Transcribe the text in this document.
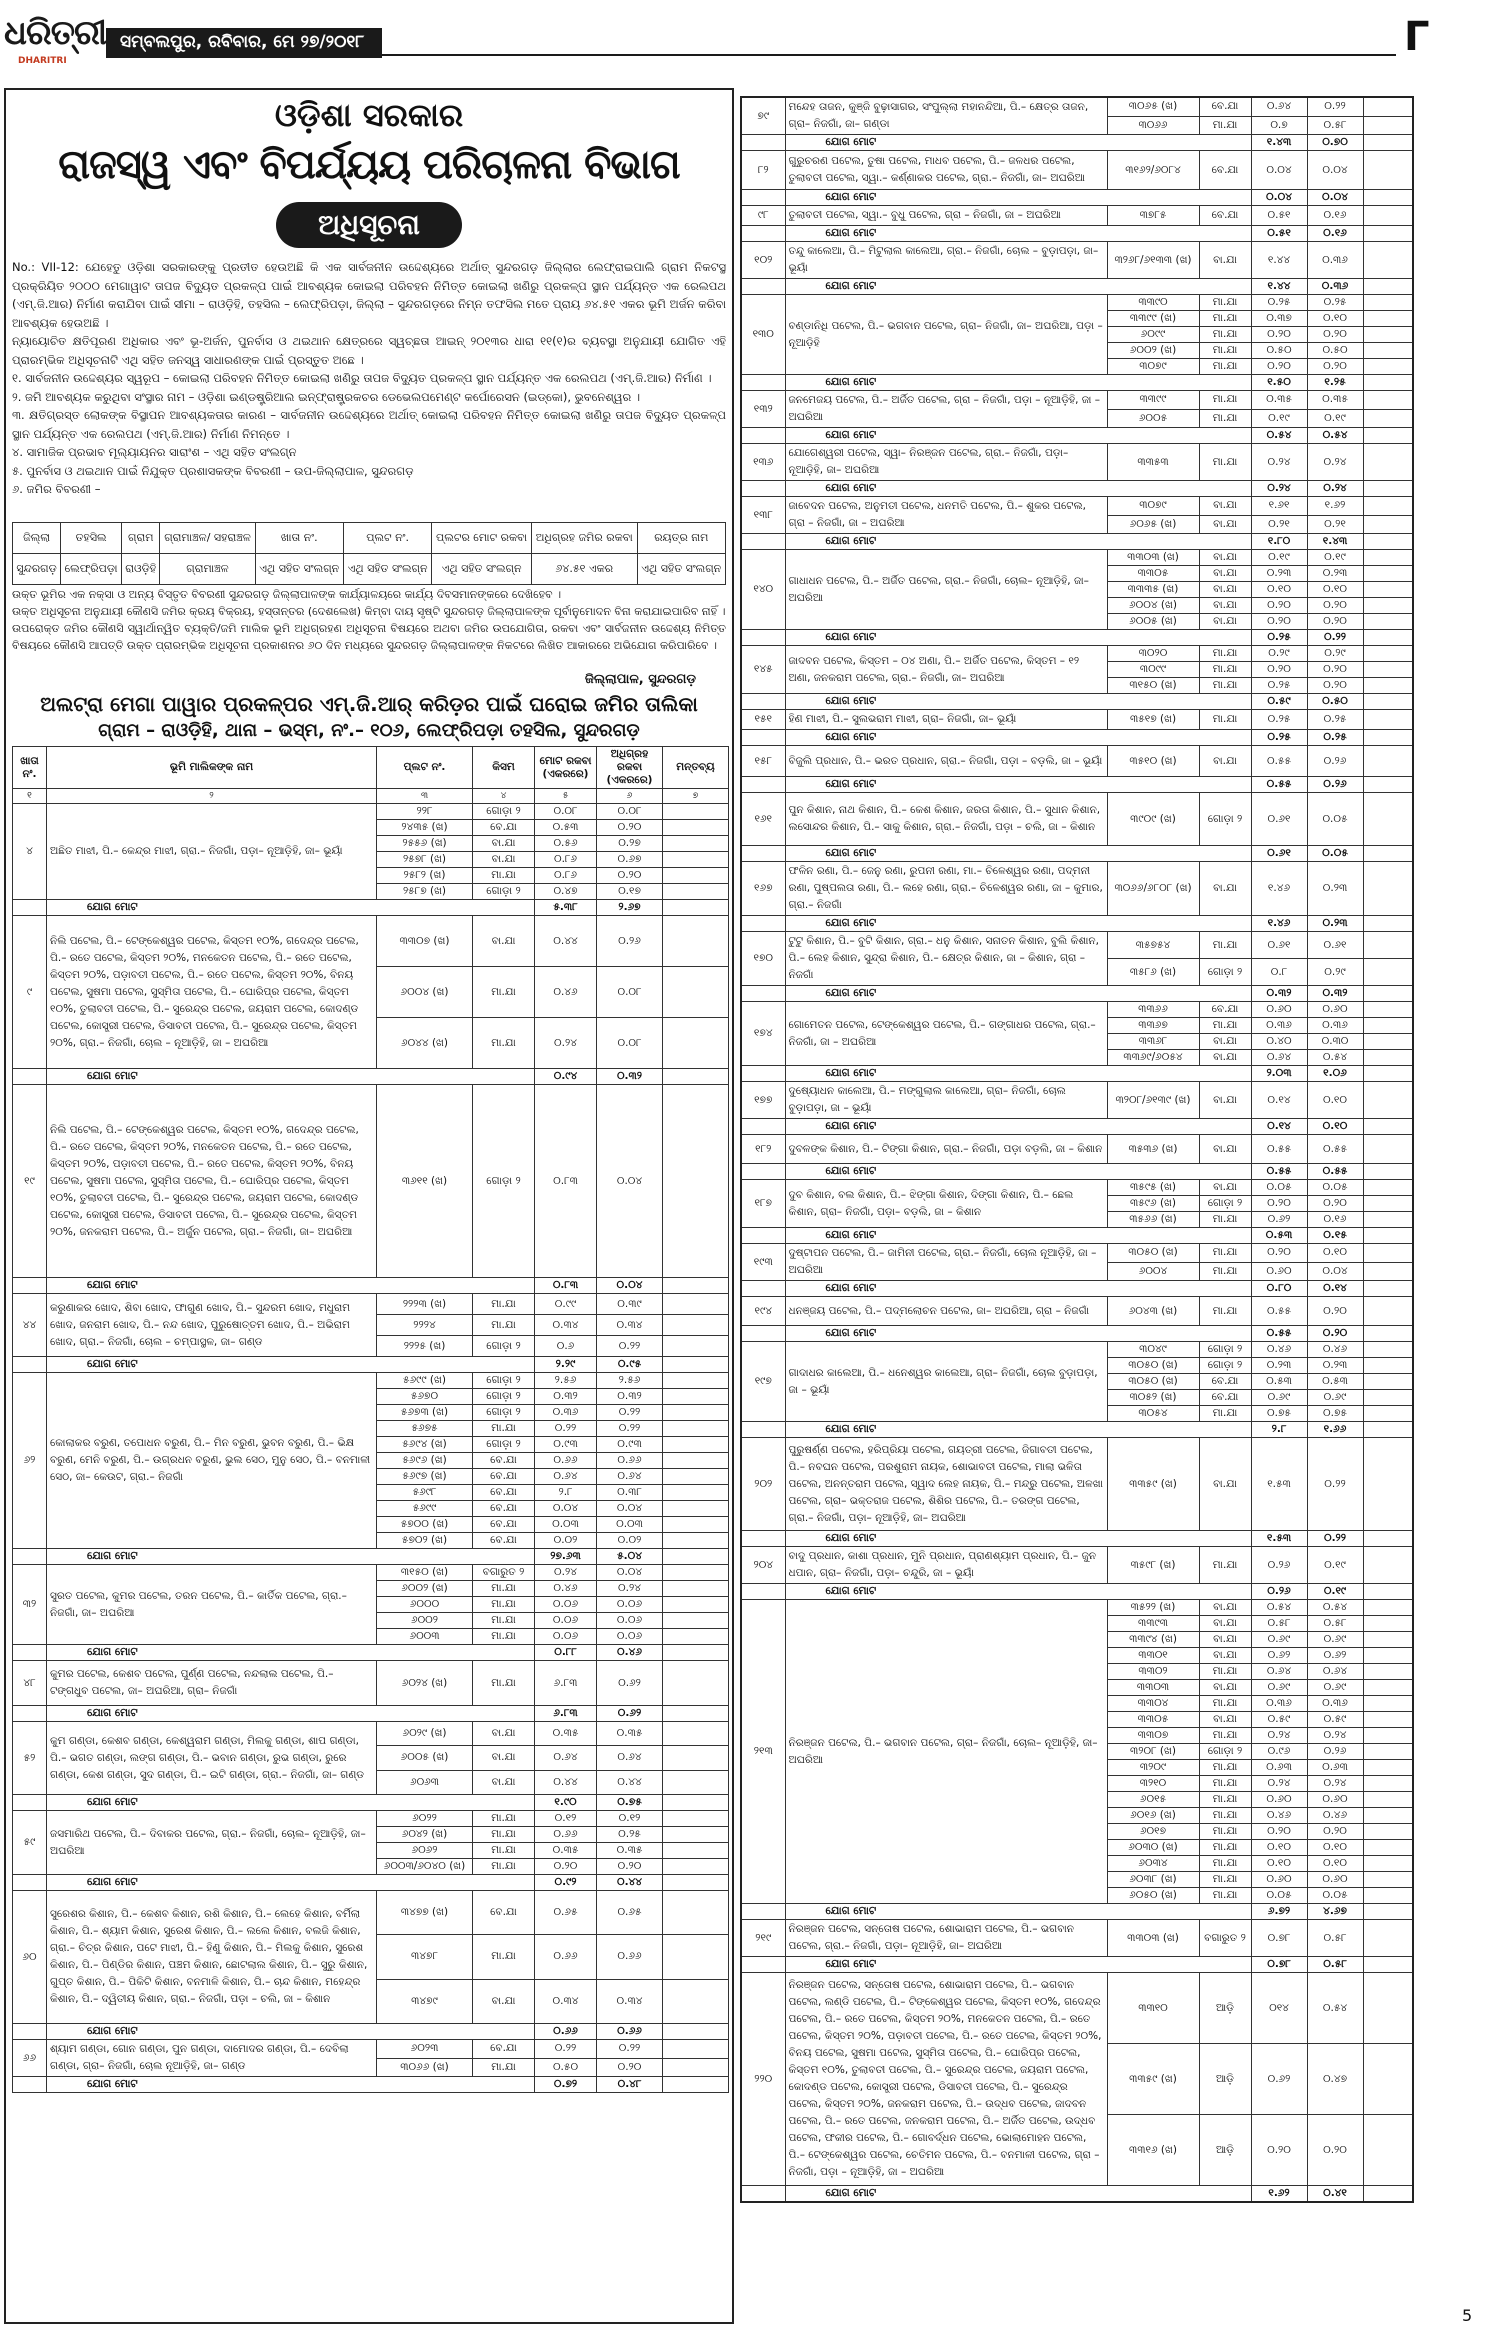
ଧରିତ୍ରୀ
DHARITRI
ସମ୍ବଲପୁର, ରବିବାର, ମେ ୨୭/୨୦୧୮	Г
ଓଡ଼ିଶା ସରକାର
ରାଜସ୍ୱ ଏବଂ ବିପର୍ଯ୍ୟୟ ପରିଚାଳନା ବିଭାଗ
ଅଧିସୂଚନା

No.: VII-12: ଯେହେତୁ ଓଡ଼ିଶା ସରକାରଙ୍କୁ ପ୍ରତୀତ ହେଉଅଛି କି ଏକ ସାର୍ବଜନୀନ ଉଦ୍ଦେଶ୍ୟରେ ଅର୍ଥାତ୍ ସୁନ୍ଦରଗଡ଼ ଜିଲ୍ଲାର ଲେଫ୍ରାଇପାଲି ଗ୍ରାମ ନିକଟସ୍ଥ ପ୍ରକ୍ରିୟିତ ୨୦୦୦ ମେଗାୱାଟ ତାପଜ ବିଦ୍ୟୁତ ପ୍ରକଳ୍ପ ପାଇଁ ଆବଶ୍ୟକ କୋଇଲା ପରିବହନ ନିମିତ୍ତ କୋଇଲା ଖଣିରୁ ପ୍ରକଳ୍ପ ସ୍ଥାନ ପର୍ଯ୍ୟନ୍ତ ଏକ ରେଲପଥ (ଏମ୍.ଜି.ଆର) ନିର୍ମାଣ କରାଯିବା ପାଇଁ ସୀମା – ରାଓଡ଼ିହି, ତହସିଲ – ଲେଫ୍ରିପଡ଼ା, ଜିଲ୍ଲା – ସୁନ୍ଦରଗଡ଼ରେ ନିମ୍ନ ତଫସିଲ ମତେ ପ୍ରାୟ ୬୪.୫୧ ଏକର ଭୂମି ଅର୍ଜନ କରିବା ଆବଶ୍ୟକ ହେଉଅଛି ।

ନ୍ୟାୟୋଚିତ କ୍ଷତିପୂରଣ ଅଧିକାର ଏବଂ ଭୂ-ଅର୍ଜନ, ପୁନର୍ବାସ ଓ ଥଇଥାନ କ୍ଷେତ୍ରରେ ସ୍ୱଚ୍ଛତା ଆଇନ୍ ୨୦୧୩ର ଧାରା ୧୧(୧)ର ବ୍ୟବସ୍ଥା ଅନୁଯାୟୀ ଯୋଗିତ ଏହି ପ୍ରାରମ୍ଭିକ ଅଧିସୂଚନାଟି ଏଥି ସହିତ ଜନସ୍ୱ ସାଧାରଣଙ୍କ ପାଇଁ ପ୍ରସ୍ତୁତ ଅଛେ ।

୧. ସାର୍ବଜନୀନ ଉଦ୍ଦେଶ୍ୟର ସ୍ୱରୂପ – କୋଇଲା ପରିବହନ ନିମିତ୍ତ କୋଇଲା ଖଣିରୁ ତାପଜ ବିଦ୍ୟୁତ ପ୍ରକଳ୍ପ ସ୍ଥାନ ପର୍ଯ୍ୟନ୍ତ ଏକ ରେଲପଥ (ଏମ୍.ଜି.ଆର) ନିର୍ମାଣ ।

୨. ଜମି ଆବଶ୍ୟକ କରୁଥିବା ସଂସ୍ଥାର ନାମ – ଓଡ଼ିଶା ଇଣ୍ଡଷ୍ଟ୍ରିଆଲ ଇନ୍‌ଫ୍ରାଷ୍ଟ୍ରକଚର ଡେଭେଲପମେଣ୍ଟ କର୍ପୋରେସନ (ଇଡ୍‌କୋ), ଭୁବନେଶ୍ୱର ।

୩. କ୍ଷତିଗ୍ରସ୍ତ ଲୋକଙ୍କ ବିସ୍ଥାପନ ଆବଶ୍ୟକତାର କାରଣ – ସାର୍ବଜନୀନ ଉଦ୍ଦେଶ୍ୟରେ ଅର୍ଥାତ୍ କୋଇଲା ପରିବହନ ନିମିତ୍ତ କୋଇଲା ଖଣିରୁ ତାପଜ ବିଦ୍ୟୁତ ପ୍ରକଳ୍ପ ସ୍ଥାନ ପର୍ଯ୍ୟନ୍ତ ଏକ ରେଲପଥ (ଏମ୍.ଜି.ଆର) ନିର୍ମାଣ ନିମନ୍ତେ ।

୪. ସାମାଜିକ ପ୍ରଭାବ ମୂଲ୍ୟାୟନର ସାରାଂଶ – ଏଥି ସହିତ ସଂଲଗ୍ନ

୫. ପୁନର୍ବାସ ଓ ଥଇଥାନ ପାଇଁ ନିଯୁକ୍ତ ପ୍ରଶାସକଙ୍କ ବିବରଣୀ – ଉପ-ଜିଲ୍ଲାପାଳ, ସୁନ୍ଦରଗଡ଼

୬. ଜମିର ବିବରଣୀ –

ଜିଲ୍ଲା	ତହସିଲ	ଗ୍ରାମ	ଗ୍ରାମାଞ୍ଚଳ/ ସହରାଞ୍ଚଳ	ଖାତା ନଂ.	ପ୍ଲଟ ନଂ.	ପ୍ଲଟର ମୋଟ ରକବା	ଅଧିଗ୍ରହ ଜମିର ରକବା	ରୟତ୍‌ର ନାମ
ସୁନ୍ଦରଗଡ଼	ଲେଫ୍ରିପଡ଼ା	ରାଓଡ଼ିହି	ଗ୍ରାମାଞ୍ଚଳ	ଏଥି ସହିତ ସଂଲଗ୍ନ	ଏଥି ସହିତ ସଂଲଗ୍ନ	ଏଥି ସହିତ ସଂଲଗ୍ନ	୬୪.୫୧ ଏକର	ଏଥି ସହିତ ସଂଲଗ୍ନ

ଉକ୍ତ ଭୂମିର ଏକ ନକ୍ସା ଓ ଅନ୍ୟ ବିସ୍ତୃତ ବିବରଣୀ ସୁନ୍ଦରଗଡ଼ ଜିଲ୍ଲାପାଳଙ୍କ କାର୍ଯ୍ୟାଳୟରେ କାର୍ଯ୍ୟ ଦିବସମାନଙ୍କରେ ଦେଖିହେବ ।

ଉକ୍ତ ଅଧିସୂଚନା ଅନୁଯାୟୀ କୌଣସି ଜମିର କ୍ରୟ ବିକ୍ରୟ, ହସ୍ତାନ୍ତର (ଦେଶଲେଖ) କିମ୍ବା ଦାୟ ସୃଷ୍ଟି ସୁନ୍ଦରଗଡ଼ ଜିଲ୍ଲାପାଳଙ୍କ ପୂର୍ବାନୁମୋଦନ ବିନା କରାଯାଇପାରିବ ନାହିଁ ।

ଉପରୋକ୍ତ ଜମିର କୌଣସି ସ୍ୱାର୍ଥାନ୍ୱିତ ବ୍ୟକ୍ତି/ଜମି ମାଲିକ ଭୂମି ଅଧିଗ୍ରହଣ ଅଧିସୂଚନା ବିଷୟରେ ଅଥବା ଜମିର ଉପଯୋଗିତା, ରକବା ଏବଂ ସାର୍ବଜନୀନ ଉଦ୍ଦେଶ୍ୟ ନିମିତ୍ତ ବିଷୟରେ କୌଣସି ଆପତ୍ତି ଉକ୍ତ ପ୍ରାରମ୍ଭିକ ଅଧିସୂଚନା ପ୍ରକାଶନର ୬୦ ଦିନ ମଧ୍ୟରେ ସୁନ୍ଦରଗଡ଼ ଜିଲ୍ଲାପାଳଙ୍କ ନିକଟରେ ଲିଖିତ ଆକାରରେ ଅଭିଯୋଗ କରିପାରିବେ ।

ଜିଲ୍ଲାପାଳ, ସୁନ୍ଦରଗଡ଼
ଅଲଟ୍ରା ମେଗା ପାୱାର ପ୍ରକଳ୍ପର ଏମ୍.ଜି.ଆର୍ କରିଡ଼ର ପାଇଁ ଘରୋଇ ଜମିର ତାଲିକା
ଗ୍ରାମ – ରାଓଡ଼ିହି, ଥାନା – ଭସ୍ମ, ନଂ.– ୧୦୬, ଲେଫ୍ରିପଡ଼ା ତହସିଲ, ସୁନ୍ଦରଗଡ଼
ଖାତା ନଂ.	ଭୂମି ମାଲିକଙ୍କ ନାମ	ପ୍ଲଟ ନଂ.	କିସମ	ମୋଟ ରକବା (ଏକରରେ)	ଅଧିଗ୍ରହ ରକବା (ଏକରରେ)	ମନ୍ତବ୍ୟ
୧	୨	୩	୪	୫	୬	୭
୪	ଅଛିତ ମାଝୀ, ପି.– କେନ୍ଦ୍ର ମାଝୀ, ଗ୍ରା.– ନିଜଗାଁ, ପଡ଼ା– ନୂଆଡ଼ିହି, ଜା– ଭୂୟାଁ	୨୨୮	ଗୋଡ଼ା ୨	୦.୦୮	୦.୦୮	
		୨୪୩୫ (ଖ)	ବେ.ଯା	୦.୫୩	୦.୨୦	
		୨୫୫୬ (ଖ)	ବା.ଯା	୦.୫୬	୦.୨୭	
		୨୫୭୮ (ଖ)	ବା.ଯା	୦.୮୬	୦.୬୭	
		୨୫୮୨ (ଖ)	ମା.ଯା	୦.୮୬	୦.୨୦	
		୨୫୮୭ (ଖ)	ଗୋଡ଼ା ୨	୦.୪୭	୦.୧୭	
	ଯୋଗ ମୋଟ			୫.୩୮	୨.୬୭	
୯	ନିଲି ପଟେଲ, ପି.– ଟେଙ୍କେଶ୍ୱର ପଟେଲ, କିସ୍ତମ ୧୦%, ଗଦେନ୍ଦ୍ର ପଟେଲ, ପି.– ରତେ ପଟେଲ, କିସ୍ତମ ୨୦%, ମନକେତନ ପଟେଲ, ପି.– ରତେ ପଟେଲ, କିସ୍ତମ ୨୦%, ପଡ଼ାବତୀ ପଟେଲ, ପି.– ରତେ ପଟେଲ, କିସ୍ତମ ୨୦%, ବିନୟ ପଟେଲ, ସୁଷମା ପଟେଲ, ସୁସ୍ମିତା ପଟେଲ, ପି.– ଘୋରିପ୍ର ପଟେଲ, କିସ୍ତମ ୧୦%, ତୁଲାବତୀ ପଟେଲ, ପି.– ସୁରେନ୍ଦ୍ର ପଟେଲ, ଜୟରାମ ପଟେଲ, କୋଦଣ୍ଡ ପଟେଲ, କୋସ୍ତ୍ରୀ ପଟେଲ, ଡିସାବତୀ ପଟେଲ, ପି.– ସୁରେନ୍ଦ୍ର ପଟେଲ, କିସ୍ତମ ୨୦%, ଗ୍ରା.– ନିଜଗାଁ, ଚୋଲ – ନୂଆଡ଼ିହି, ଜା – ଅଘରିଆ	୩୩୦୭ (ଖ)	ବା.ଯା	୦.୪୪	୦.୨୬	
		୬୦୦୪ (ଖ)	ମା.ଯା	୦.୪୬	୦.୦୮	
		୬୦୪୪ (ଖ)	ମା.ଯା	୦.୨୪	୦.୦୮	
	ଯୋଗ ମୋଟ			୦.୯୪	୦.୩୨	
୧୯	ନିଲି ପଟେଲ, ପି.– ଟେଙ୍କେଶ୍ୱର ପଟେଲ, କିସ୍ତମ ୧୦%, ଗଦେନ୍ଦ୍ର ପଟେଲ, ପି.– ରତେ ପଟେଲ, କିସ୍ତମ ୨୦%, ମନକେତନ ପଟେଲ, ପି.– ରତେ ପଟେଲ, କିସ୍ତମ ୨୦%, ପଡ଼ାବତୀ ପଟେଲ, ପି.– ରତେ ପଟେଲ, କିସ୍ତମ ୨୦%, ବିନୟ ପଟେଲ, ସୁଷମା ପଟେଲ, ସୁସ୍ମିତା ପଟେଲ, ପି.– ଘୋରିପ୍ର ପଟେଲ, କିସ୍ତମ ୧୦%, ତୁଲାବତୀ ପଟେଲ, ପି.– ସୁରେନ୍ଦ୍ର ପଟେଲ, ଜୟରାମ ପଟେଲ, କୋଦଣ୍ଡ ପଟେଲ, କୋସ୍ତ୍ରୀ ପଟେଲ, ଡିସାବତୀ ପଟେଲ, ପି.– ସୁରେନ୍ଦ୍ର ପଟେଲ, କିସ୍ତମ ୨୦%, ଜନକରାମ ପଟେଲ, ପି.– ଅର୍ଜୁନ ପଟେଲ, ଗ୍ରା.– ନିଜଗାଁ, ଜା– ଅଘରିଆ	୩୬୧୧ (ଖ)	ଗୋଡ଼ା ୨	୦.୮୩	୦.୦୪	
	ଯୋଗ ମୋଟ			୦.୮୩	୦.୦୪	
୪୪	କରୁଣାକର ଖୋଦ, ଶିବା ଖୋଦ, ଫାଗୁଣ ଖୋଦ, ପି.– ସୁନ୍ଦରମ ଖୋଦ, ମଧୁରାମ ଖୋଦ, ଜନରାମ ଖୋଦ, ପି.– ନନ୍ଦ ଖୋଦ, ପୁରୁଷୋତ୍ତମ ଖୋଦ, ପି.– ଅଭିରାମ ଖୋଦ, ଗ୍ରା.– ନିଜଗାଁ, ଚୋଲ – ଚମ୍ପାସ୍ଥଳ, ଜା– ଗଣ୍ଡ	୨୨୨୩ (ଖ)	ମା.ଯା	୦.୯୯	୦.୩୯	
		୨୨୨୪	ମା.ଯା	୦.୩୪	୦.୩୪	
		୨୨୨୫ (ଖ)	ଗୋଡ଼ା ୨	୦.୬	୦.୨୨	
	ଯୋଗ ମୋଟ			୨.୨୯	୦.୯୫	
୬୨	କୋଲାକର ବରୁଣ, ତପୋଧନ ବରୁଣ, ପି.– ମିନ ବରୁଣ, ଭୁବନ ବରୁଣ, ପି.– ଭିକ୍ଷ ବରୁଣ, ମେନି ବରୁଣ, ପି.– ଉଗ୍ରଧନ ବରୁଣ, ଭୁଲ ସେଠ, ମୁନୁ ସେଠ, ପି.– ବନମାଳୀ ସେଠ, ଜା– କେଉଟ, ଗ୍ରା.– ନିଜଗାଁ	୫୬୯୯ (ଖ)	ଗୋଡ଼ା ୨	୨.୫୬	୨.୫୬	
		୫୬୭୦	ଗୋଡ଼ା ୨	୦.୩୨	୦.୩୨	
		୫୬୭୩ (ଖ)	ଗୋଡ଼ା ୨	୦.୩୬	୦.୨୨	
		୫୬୭୫	ମା.ଯା	୦.୨୨	୦.୨୨	
		୫୬୯୪ (ଖ)	ଗୋଡ଼ା ୨	୦.୯୩	୦.୯୩	
		୫୬୯୬ (ଖ)	ବେ.ଯା	୦.୬୬	୦.୬୬	
		୫୬୯୭ (ଖ)	ବେ.ଯା	୦.୬୪	୦.୬୪	
		୫୬୯୮	ବେ.ଯା	୨.୮	୦.୩୮	
		୫୬୯୯	ବେ.ଯା	୦.୦୪	୦.୦୪	
		୫୭୦୦ (ଖ)	ବେ.ଯା	୦.୦୩	୦.୦୩	
		୫୭୦୨ (ଖ)	ବେ.ଯା	୦.୦୨	୦.୦୨	
	ଯୋଗ ମୋଟ			୨୭.୬୩	୫.୦୪	
୩୨	ସୁରତ ପଟେଲ, କୁମର ପଟେଲ, ତରନ ପଟେଲ, ପି.– କାର୍ତିକ ପଟେଲ, ଗ୍ରା.– ନିଜଗାଁ, ଜା– ଅଘରିଆ	୩୧୫୦ (ଖ)	ବଗାରୁତ ୨	୦.୨୪	୦.୦୪	
		୬୦୦୨ (ଖ)	ମା.ଯା	୦.୪୬	୦.୨୪	
		୬୦୦୦	ମା.ଯା	୦.୦୬	୦.୦୬	
		୬୦୦୨	ମା.ଯା	୦.୦୬	୦.୦୬	
		୬୦୦୩	ମା.ଯା	୦.୦୬	୦.୦୬	
	ଯୋଗ ମୋଟ			୦.୮୮	୦.୪୬	
୪୮	କୁମର ପଟେଲ, କେଶବ ପଟେଲ, ପୁର୍ଣ୍ଣ ପଟେଲ, ନନ୍ଦଲାଲ ପଟେଲ, ପି.– ଟଙ୍ଗଧୁବ ପଟେଲ, ଜା– ଅଘରିଆ, ଗ୍ରା– ନିଜଗାଁ	୬୦୨୪ (ଖ)	ମା.ଯା	୬.୮୩	୦.୬୨	
	ଯୋଗ ମୋଟ			୬.୮୩	୦.୬୨	
୫୨	କୁମ ଗଣ୍ଡା, କେଶବ ଗଣ୍ଡା, କେଶ୍ୱରାମ ଗଣ୍ଡା, ମିଲକୁ ଗଣ୍ଡା, ଶାପ ଗଣ୍ଡା, ପି.– ଭଗତ ଗଣ୍ଡା, ଲଙ୍ଗ ଗଣ୍ଡା, ପି.– ଭବାନ ଗଣ୍ଡା, ରୁଭ ଗଣ୍ଡା, ରୁରେ ଗଣ୍ଡା, କେଶ ଗଣ୍ଡା, ସୁଦ ଗଣ୍ଡା, ପି.– ଇଟି ଗଣ୍ଡା, ଗ୍ରା.– ନିଜଗାଁ, ଜା– ଗଣ୍ଡ	୬୦୨୯ (ଖ)	ବା.ଯା	୦.୩୫	୦.୩୫	
		୬୦୦୫ (ଖ)	ବା.ଯା	୦.୬୪	୦.୬୪	
		୬୦୬୩	ବା.ଯା	୦.୪୪	୦.୪୪	
	ଯୋଗ ମୋଟ			୧.୯୦	୦.୭୫	
୫୯	ଜସମାରିଥ ପଟେଲ, ପି.– ଦିବାକର ପଟେଲ, ଗ୍ରା.– ନିଜଗାଁ, ଚୋଲ– ନୂଆଡ଼ିହି, ଜା– ଅଘରିଆ	୬୦୨୨	ମା.ଯା	୦.୧୨	୦.୧୨	
		୬୦୪୨ (ଖ)	ମା.ଯା	୦.୬୬	୦.୨୫	
		୬୦୬୨	ମା.ଯା	୦.୩୫	୦.୩୫	
		୬୦୦୩/୬୦୪୦ (ଖ)	ମା.ଯା	୦.୨୦	୦.୨୦	
	ଯୋଗ ମୋଟ			୦.୯୨	୦.୪୪	
୬୦	ସୁରେଶର କିଶାନ, ପି.– କେଶବ କିଶାନ, ରଶି କିଶାନ, ପି.– ଲେହେ କିଶାନ, ବର୍ମିଲା କିଶାନ, ପି.– ଶ୍ୟାମ କିଶାନ, ସୁରେଶ କିଶାନ, ପି.– ଲଲେ କିଶାନ, ବଲଜି କିଶାନ, ଗ୍ରା.– ଚିତ୍ର କିଶାନ, ପଟେ ମାଝୀ, ପି.– ହିଣୁ କିଶାନ, ପି.– ମିଲକୁ କିଶାନ, ସୁରେଶ କିଶାନ, ପି.– ପିଣ୍ଡିର କିଶାନ, ପଞ୍ଚମ କିଶାନ, ଛୋଟଲାଲ କିଶାନ, ପି.– ସୁରୁ କିଶାନ, ଗୁପ୍ତ କିଶାନ, ପି.– ପିକିଟି କିଶାନ, ବନମାଳି କିଶାନ, ପି.– ଚାନ୍ଦ କିଶାନ, ମହେନ୍ଦ୍ର କିଶାନ, ପି.– ଦ୍ୱିତୀୟ କିଶାନ, ଗ୍ରା.– ନିଜଗାଁ, ପଡ଼ା – ଚଲି, ଜା – କିଶାନ	୩୪୭୭ (ଖ)	ବେ.ଯା	୦.୬୫	୦.୬୫	
		୩୪୭୮	ମା.ଯା	୦.୬୬	୦.୬୬	
		୩୪୭୯	ବା.ଯା	୦.୩୪	୦.୩୪	
	ଯୋଗ ମୋଟ			୦.୬୬	୦.୬୬	
୬୬	ଶ୍ୟାମ ଗଣ୍ଡା, ଗୋନ ଗଣ୍ଡା, ପୁନ ଗଣ୍ଡା, ଦାମୋଦର ଗଣ୍ଡା, ପି.– ଦେବିଲା ଗଣ୍ଡା, ଗ୍ରା– ନିଜଗାଁ, ଚୋଲ ନୂଆଡ଼ିହି, ଜା– ଗଣ୍ଡ	୬୦୨୩	ବେ.ଯା	୦.୨୨	୦.୨୨	
		୩୦୬୬ (ଖ)	ମା.ଯା	୦.୫୦	୦.୨୦	
	ଯୋଗ ମୋଟ			୦.୭୨	୦.୪୮	
୭୯	ମନ୍ଦେହ ତାଜନ, କୁଞ୍ଜି ବୁଢ଼ାସାଗର, ସଂପୁଲ୍ଲା ମହାନନ୍ଦିଆ, ପି.– କ୍ଷେତ୍ର ତାଜନ, ଗ୍ରା– ନିଜଗାଁ, ଜା– ଗଣ୍ଡା	୩୦୬୫ (ଖ)	ବେ.ଯା	୦.୬୪	୦.୨୨	
		୩୦୬୬	ମା.ଯା	୦.୭	୦.୫୮	
	ଯୋଗ ମୋଟ			୧.୪୩	୦.୭୦	
୮୨	ଗୁରୁଚରଣ ପଟେଲ, ତୁଷା ପଟେଲ, ମାଧବ ପଟେଲ, ପି.– ଜଳଧର ପଟେଲ, ତୁଲାବତୀ ପଟେଲ, ସ୍ୱା.– କର୍ଣ୍ଣାକର ପଟେଲ, ଗ୍ରା.– ନିଜଗାଁ, ଜା– ଅଘରିଆ	୩୧୬୨/୬୦୮୪	ବେ.ଯା	୦.୦୪	୦.୦୪	
	ଯୋଗ ମୋଟ			୦.୦୪	୦.୦୪	
୯୮	ତୁଲାବତୀ ପଟେଲ, ସ୍ୱା.– ବୁଧୁ ପଟେଲ, ଗ୍ରା – ନିଜଗାଁ, ଜା – ଅଘରିଆ	୩୭୮୫	ବେ.ଯା	୦.୫୧	୦.୧୬	
	ଯୋଗ ମୋଟ			୦.୫୧	୦.୧୬	
୧୦୨	ତନ୍ଦୁ କାଲେଆ, ପି.– ମିଟୁଲାଲ କାଲେଆ, ଗ୍ରା.– ନିଜଗାଁ, ଚୋଲ – ବୁଡ଼ାପଡ଼ା, ଜା– ଭୂୟାଁ	୩୨୬୮/୬୧୩୩ (ଖ)	ବା.ଯା	୧.୪୪	୦.୩୬	
	ଯୋଗ ମୋଟ			୧.୪୪	୦.୩୬	
୧୩୦	ବଣ୍ଡାନିଧି ପଟେଲ, ପି.– ଭଗବାନ ପଟେଲ, ଗ୍ରା– ନିଜଗାଁ, ଜା– ଅଘରିଆ, ପଡ଼ା – ନୂଆଡ଼ିହି	୩୩୯୦	ମା.ଯା	୦.୨୫	୦.୨୫	
		୩୩୯୯ (ଖ)	ମା.ଯା	୦.୩୭	୦.୧୦	
		୬୦୯୯	ମା.ଯା	୦.୨୦	୦.୨୦	
		୬୦୦୨ (ଖ)	ମା.ଯା	୦.୫୦	୦.୫୦	
		୩୦୭୯	ମା.ଯା	୦.୨୦	୦.୨୦	
	ଯୋଗ ମୋଟ			୧.୫୦	୧.୨୫	
୧୩୨	ଜନମେଜୟ ପଟେଲ, ପି.– ଅର୍ଜିତ ପଟେଲ, ଗ୍ରା – ନିଜଗାଁ, ପଡ଼ା – ନୂଆଡ଼ିହି, ଜା – ଅଘରିଆ	୩୩୯୯	ମା.ଯା	୦.୩୫	୦.୩୫	
		୬୦୦୫	ମା.ଯା	୦.୧୯	୦.୧୯	
	ଯୋଗ ମୋଟ			୦.୫୪	୦.୫୪	
୧୩୬	ଯୋଗେଶ୍ୱରୀ ପଟେଲ, ସ୍ୱା– ନିରଞ୍ଜନ ପଟେଲ, ଗ୍ରା.– ନିଜଗାଁ, ପଡ଼ା– ନୂଆଡ଼ିହି, ଜା– ଅଘରିଆ	୩୩୫୩	ମା.ଯା	୦.୨୪	୦.୨୪	
	ଯୋଗ ମୋଟ			୦.୨୪	୦.୨୪	
୧୩୮	ଜାବେଦନ ପଟେଲ, ଅନୁମତୀ ପଟେଲ, ଧନମତି ପଟେଲ, ପି.– ଶୁକର ପଟେଲ, ଗ୍ରା – ନିଜଗାଁ, ଜା – ଅଘରିଆ	୩୦୭୯	ବା.ଯା	୧.୬୧	୧.୬୨	
		୬୦୬୫ (ଖ)	ବା.ଯା	୦.୨୧	୦.୨୧	
	ଯୋଗ ମୋଟ			୧.୮୦	୧.୪୩	
୧୪୦	ଗାଧାଧନ ପଟେଲ, ପି.– ଅର୍ଜିତ ପଟେଲ, ଗ୍ରା.– ନିଜଗାଁ, ଚୋଲ– ନୂଆଡ଼ିହି, ଜା– ଅଘରିଆ	୩୩୦୩ (ଖ)	ବା.ଯା	୦.୧୯	୦.୧୯	
		୩୩୦୫	ବା.ଯା	୦.୨୩	୦.୨୩	
		୩୩୩୫ (ଖ)	ବା.ଯା	୦.୧୦	୦.୧୦	
		୬୦୦୪ (ଖ)	ବା.ଯା	୦.୨୦	୦.୨୦	
		୬୦୦୫ (ଖ)	ବା.ଯା	୦.୨୦	୦.୨୦	
	ଯୋଗ ମୋଟ			୦.୨୫	୦.୨୨	
୧୪୫	ଜାଦବନ ପଟେଲ, କିସ୍ତମ – ୦୪ ଅଣା, ପି.– ଅର୍ଜିତ ପଟେଲ, କିସ୍ତମ – ୧୨ ଅଣା, ଜନକରାମ ପଟେଲ, ଗ୍ରା.– ନିଜଗାଁ, ଜା– ଅଘରିଆ	୩୦୨୦	ମା.ଯା	୦.୨୯	୦.୨୯	
		୩୦୯୯	ମା.ଯା	୦.୨୦	୦.୨୦	
		୩୧୫୦ (ଖ)	ମା.ଯା	୦.୨୫	୦.୨୦	
	ଯୋଗ ମୋଟ			୦.୫୯	୦.୫୦	
୧୫୧	ହିଣ ମାଝୀ, ପି.– ସୁଲଭରାମ ମାଝୀ, ଗ୍ରା– ନିଜଗାଁ, ଜା– ଭୂୟାଁ	୩୫୧୭ (ଖ)	ମା.ଯା	୦.୨୫	୦.୨୫	
	ଯୋଗ ମୋଟ			୦.୨୫	୦.୨୫	
୧୫୮	ବିଜୁଲି ପ୍ରଧାନ, ପି.– ଭରତ ପ୍ରଧାନ, ଗ୍ରା.– ନିଜଗାଁ, ପଡ଼ା – ବଡ଼ଲି, ଜା – ଭୂୟାଁ	୩୫୧୦ (ଖ)	ବା.ଯା	୦.୫୫	୦.୨୬	
	ଯୋଗ ମୋଟ			୦.୫୫	୦.୨୬	
୧୬୧	ପୁନ କିଶାନ, ନାଥ କିଶାନ, ପି.– କେଶ କିଶାନ, ଜରତା କିଶାନ, ପି.– ସୁଧାନ କିଶାନ, ଲସୋନ୍ଦର କିଶାନ, ପି.– ସାକୁ କିଶାନ, ଗ୍ରା.– ନିଜଗାଁ, ପଡ଼ା – ଚଲି, ଜା – କିଶାନ	୩୯୦୯ (ଖ)	ଗୋଡ଼ା ୨	୦.୬୧	୦.୦୫	
	ଯୋଗ ମୋଟ			୦.୬୧	୦.୦୫	
୧୬୭	ଫଳିନ ରଣା, ପି.– ଜେନୁ ରଣା, ରୁପନୀ ରଣା, ମା.– ଚିଳେଶ୍ୱର ରଣା, ପଦ୍ମନୀ ରଣା, ପୁଷ୍ପଲତା ରଣା, ପି.– ଲହେ ରଣା, ଗ୍ରା.– ଚିଳେଶ୍ୱର ରଣା, ଜା – କୁମାର, ଗ୍ରା.– ନିଜଗାଁ	୩୦୬୬/୬୮୦୮ (ଖ)	ବା.ଯା	୧.୪୬	୦.୨୩	
	ଯୋଗ ମୋଟ			୧.୪୬	୦.୨୩	
୧୭୦	ଟୁଟୁ କିଶାନ, ପି.– ବୁଟି କିଶାନ, ଗ୍ରା.– ଧନୁ କିଶାନ, ସନାତନ କିଶାନ, ବୁଲି କିଶାନ, ପି.– ଲେହ କିଶାନ, ସୁନ୍ଦ୍ରା କିଶାନ, ପି.– କ୍ଷେତ୍ର କିଶାନ, ଜା – କିଶାନ, ଗ୍ରା – ନିଜଗାଁ	୩୫୭୫୪	ମା.ଯା	୦.୬୧	୦.୬୧	
		୩୫୮୬ (ଖ)	ଗୋଡ଼ା ୨	୦.୮	୦.୨୯	
	ଯୋଗ ମୋଟ			୦.୩୨	୦.୩୨	
୧୭୪	ଗୋମେତନ ପଟେଲ, ଟେଙ୍କେଶ୍ୱର ପଟେଲ, ପି.– ଗଙ୍ଗାଧର ପଟେଲ, ଗ୍ରା.– ନିଜଗାଁ, ଜା – ଅଘରିଆ	୩୩୬୬	ବେ.ଯା	୦.୬୦	୦.୬୦	
		୩୩୬୭	ମା.ଯା	୦.୩୬	୦.୩୬	
		୩୩୬୮	ବା.ଯା	୦.୪୦	୦.୩୦	
		୩୩୬୯/୬୦୫୪	ବା.ଯା	୦.୬୪	୦.୫୪	
	ଯୋଗ ମୋଟ			୨.୦୩	୧.୦୬	
୧୭୭	ଦୁଷ୍ୟୋଧନ କାଲେଆ, ପି.– ମଙ୍ଗୁଲାଲ କାଲେଆ, ଗ୍ରା– ନିଜଗାଁ, ଚୋଲ ବୁଡ଼ାପଡ଼ା, ଜା – ଭୂୟାଁ	୩୨୦୮/୬୧୩୯ (ଖ)	ବା.ଯା	୦.୧୪	୦.୧୦	
	ଯୋଗ ମୋଟ			୦.୧୪	୦.୧୦	
୧୮୨	ଦୁବଳଙ୍କ କିଶାନ, ପି.– ଟିଙ୍ଗା କିଶାନ, ଗ୍ରା.– ନିଜଗାଁ, ପଡ଼ା ବଡ଼ଲି, ଜା – କିଶାନ	୩୫୩୬ (ଖ)	ବା.ଯା	୦.୫୫	୦.୫୫	
	ଯୋଗ ମୋଟ			୦.୫୫	୦.୫୫	
୧୮୭	ଦୁବ କିଶାନ, ବଲ କିଶାନ, ପି.– ଝିଙ୍ଗା କିଶାନ, ଦିଙ୍ଗା କିଶାନ, ପି.– ଛେଲ କିଶାନ, ଗ୍ରା– ନିଜଗାଁ, ପଡ଼ା– ବଡ଼ଲି, ଜା – କିଶାନ	୩୫୯୫ (ଖ)	ବା.ଯା	୦.୦୫	୦.୦୫	
		୩୫୯୬ (ଖ)	ଗୋଡ଼ା ୨	୦.୨୦	୦.୨୦	
		୩୫୬୬ (ଖ)	ମା.ଯା	୦.୬୨	୦.୧୬	
	ଯୋଗ ମୋଟ			୦.୫୩	୦.୧୫	
୧୯୩	ଦୁଷ୍ଟାପନ ପଟେଲ, ପି.– ଜାମିନୀ ପଟେଲ, ଗ୍ରା.– ନିଜଗାଁ, ଚୋଲ ନୂଆଡ଼ିହି, ଜା – ଅଘରିଆ	୩୦୫୦ (ଖ)	ମା.ଯା	୦.୨୦	୦.୧୦	
		୬୦୦୪	ମା.ଯା	୦.୬୦	୦.୦୪	
	ଯୋଗ ମୋଟ			୦.୮୦	୦.୧୪	
୧୯୪	ଧନଞ୍ଜୟ ପଟେଲ, ପି.– ପଦ୍ମଲୋଚନ ପଟେଲ, ଜା– ଅଘରିଆ, ଗ୍ରା – ନିଜଗାଁ	୬୦୪୩ (ଖ)	ମା.ଯା	୦.୫୫	୦.୨୦	
	ଯୋଗ ମୋଟ			୦.୫୫	୦.୨୦	
୧୯୭	ଗାଦାଧର କାଲେଆ, ପି.– ଧନେଶ୍ୱର କାଲେଆ, ଗ୍ରା– ନିଜଗାଁ, ଚୋଲ ବୁଡ଼ାପଡ଼ା, ଜା – ଭୂୟାଁ	୩୦୪୯	ଗୋଡ଼ା ୨	୦.୪୬	୦.୪୬	
		୩୦୫୦ (ଖ)	ଗୋଡ଼ା ୨	୦.୨୩	୦.୨୩	
		୩୦୫୦ (ଖ)	ବେ.ଯା	୦.୫୩	୦.୫୩	
		୩୦୫୨ (ଖ)	ବେ.ଯା	୦.୬୯	୦.୬୯	
		୩୦୫୪	ମା.ଯା	୦.୭୫	୦.୭୫	
	ଯୋଗ ମୋଟ			୨.୮	୧.୬୬	
୨୦୨	ପୁରୁଷର୍ଣ୍ଣ ପଟେଲ, ହରିପ୍ରିୟା ପଟେଲ, ଗୟତ୍ରୀ ପଟେଲ, ଜିଗାବତୀ ପଟେଲ, ପି.– ନବଘନ ପଟେଲ, ପରଶୁରାମ ନାୟକ, ଶୋଭାବତୀ ପଟେଲ, ମାଲା ଭଳିତା ପଟେଲ, ଅନନ୍ତରାମ ପଟେଲ, ସ୍ୱାଦ ଲେହ ନାୟକ, ପି.– ମନ୍ଦ୍ରୁ ପଟେଲ, ଅଳଖା ପଟେଲ, ଗ୍ରା– ଭକ୍ତରାଜ ପଟେଲ, ଶିଶିର ପଟେଲ, ପି.– ତରଙ୍ଗ ପଟେଲ, ଗ୍ରା.– ନିଜଗାଁ, ପଡ଼ା– ନୂଆଡ଼ିହି, ଜା– ଅଘରିଆ	୩୩୫୯ (ଖ)	ବା.ଯା	୧.୫୩	୦.୨୨	
	ଯୋଗ ମୋଟ			୧.୫୩	୦.୨୨	
୨୦୪	ବାଦୁ ପ୍ରଧାନ, କାଶା ପ୍ରଧାନ, ମୁନି ପ୍ରଧାନ, ପ୍ରାଣଶ୍ୟାମ ପ୍ରଧାନ, ପି.– ଜୁନ ଧପାନ, ଗ୍ରା– ନିଜଗାଁ, ପଡ଼ା– ଚନ୍ଦୁରି, ଜା – ଭୂୟାଁ	୩୫୯୮ (ଖ)	ମା.ଯା	୦.୨୬	୦.୧୯	
	ଯୋଗ ମୋଟ			୦.୨୬	୦.୧୯	
୨୧୩	ନିରଞ୍ଜନ ପଟେଲ, ପି.– ଭଗବାନ ପଟେଲ, ଗ୍ରା– ନିଜଗାଁ, ଚୋଲ– ନୂଆଡ଼ିହି, ଜା– ଅଘରିଆ	୩୫୨୨ (ଖ)	ବା.ଯା	୦.୫୪	୦.୫୪	
		୩୩୯୩	ବା.ଯା	୦.୫୮	୦.୫୮	
		୩୩୯୪ (ଖ)	ବା.ଯା	୦.୬୯	୦.୬୯	
		୩୩୦୧	ବା.ଯା	୦.୬୨	୦.୬୨	
		୩୩୦୨	ମା.ଯା	୦.୬୪	୦.୬୪	
		୩୩୦୩	ବା.ଯା	୦.୬୯	୦.୬୯	
		୩୩୦୪	ମା.ଯା	୦.୩୬	୦.୩୬	
		୩୩୦୫	ବା.ଯା	୦.୫୯	୦.୫୯	
		୩୩୦୭	ମା.ଯା	୦.୨୪	୦.୨୪	
		୩୨୦୮ (ଖ)	ଗୋଡ଼ା ୨	୦.୯୬	୦.୨୬	
		୩୨୦୯	ମା.ଯା	୦.୬୩	୦.୬୩	
		୩୨୧୦	ମା.ଯା	୦.୨୪	୦.୨୪	
		୬୦୧୫	ମା.ଯା	୦.୬୦	୦.୬୦	
		୬୦୧୬ (ଖ)	ମା.ଯା	୦.୪୬	୦.୪୬	
		୬୦୧୭	ମା.ଯା	୦.୨୦	୦.୨୦	
		୬୦୩୦ (ଖ)	ମା.ଯା	୦.୧୦	୦.୧୦	
		୬୦୩୪	ମା.ଯା	୦.୧୦	୦.୧୦	
		୬୦୩୮ (ଖ)	ମା.ଯା	୦.୬୦	୦.୬୦	
		୬୦୫୦ (ଖ)	ମା.ଯା	୦.୦୫	୦.୦୫	
	ଯୋଗ ମୋଟ			୬.୭୨	୪.୬୭	
୨୧୯	ନିରଞ୍ଜନ ପଟେଲ, ସନ୍ତୋଷ ପଟେଲ, ଶୋଭାରାମ ପଟେଲ, ପି.– ଭଗବାନ ପଟେଲ, ଗ୍ରା.– ନିଜଗାଁ, ପଡ଼ା– ନୂଆଡ଼ିହି, ଜା– ଅଘରିଆ	୩୩୦୩ (ଖ)	ବଗାରୁତ ୨	୦.୭୮	୦.୫୮	
	ଯୋଗ ମୋଟ			୦.୭୮	୦.୫୮	
୨୨୦	ନିରଞ୍ଜନ ପଟେଲ, ସନ୍ତୋଷ ପଟେଲ, ଶୋଭାରାମ ପଟେଲ, ପି.– ଭଗବାନ ପଟେଲ, ଲଣ୍ଡି ପଟେଲ, ପି.– ଟିଙ୍କେଶ୍ୱର ପଟେଲ, କିସ୍ତମ ୧୦%, ଗଦେନ୍ଦ୍ର ପଟେଲ, ପି.– ରତେ ପଟେଲ, କିସ୍ତମ ୨୦%, ମନକେତନ ପଟେଲ, ପି.– ରତେ ପଟେଲ, କିସ୍ତମ ୨୦%, ପଡ଼ାବତୀ ପଟେଲ, ପି.– ରତେ ପଟେଲ, କିସ୍ତମ ୨୦%, ବିନୟ ପଟେଲ, ସୁଷମା ପଟେଲ, ସୁସ୍ମିତା ପଟେଲ, ପି.– ଘୋରିପ୍ର ପଟେଲ, କିସ୍ତମ ୧୦%, ତୁଲାବତୀ ପଟେଲ, ପି.– ସୁରେନ୍ଦ୍ର ପଟେଲ, ଜୟରାମ ପଟେଲ, କୋଦଣ୍ଡ ପଟେଲ, କୋସ୍ତ୍ରୀ ପଟେଲ, ଡିସାବତୀ ପଟେଲ, ପି.– ସୁରେନ୍ଦ୍ର ପଟେଲ, କିସ୍ତମ ୨୦%, ଜନକରାମ ପଟେଲ, ପି.– ଉଦ୍ଧବ ପଟେଲ, ଜାଦବନ ପଟେଲ, ପି.– ରତେ ପଟେଲ, ଜନକରାମ ପଟେଲ, ପି.– ଅର୍ଜିତ ପଟେଲ, ଉଦ୍ଧବ ପଟେଲ, ଫକୀର ପଟେଲ, ପି.– ଗୋବର୍ଦ୍ଧନ ପଟେଲ, ଭୋଲାମୋହନ ପଟେଲ, ପି.– ଟେଙ୍କେଶ୍ୱର ପଟେଲ, ଚେତିମନ ପଟେଲ, ପି.– ବନମାଳୀ ପଟେଲ, ଗ୍ରା – ନିଜଗାଁ, ପଡ଼ା – ନୂଆଡ଼ିହି, ଜା – ଅଘରିଆ	୩୩୧୦	ଆଡ଼ି	୦୧୪	୦.୫୪	
		୩୩୫୯ (ଖ)	ଆଡ଼ି	୦.୬୨	୦.୪୭	
		୩୩୧୬ (ଖ)	ଆଡ଼ି	୦.୨୦	୦.୨୦	
	ଯୋଗ ମୋଟ			୧.୬୨	୦.୪୧	
5
